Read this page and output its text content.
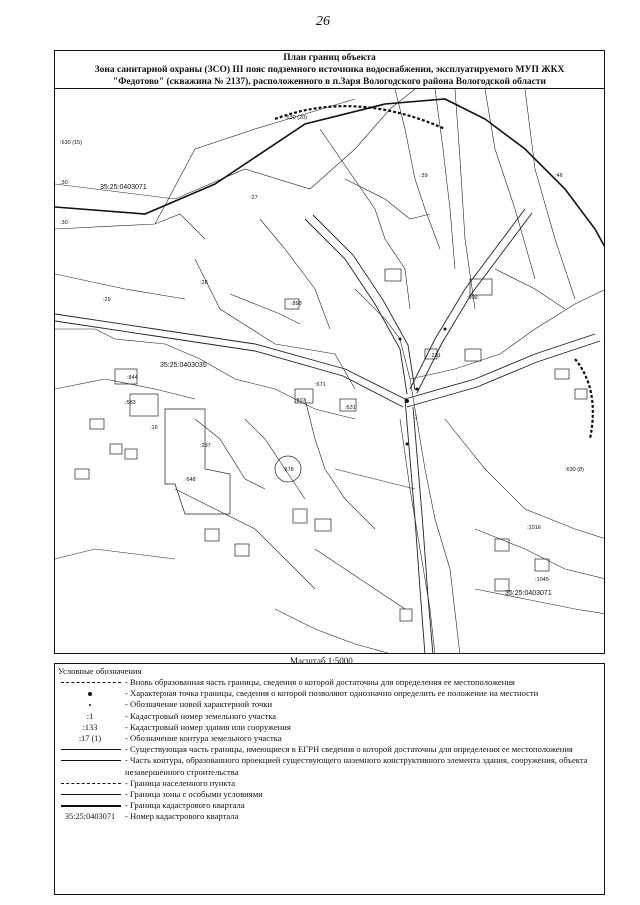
26
План границ объекта
Зона санитарной охраны (ЗСО) III пояс подземного источника водоснабжения, эксплуатируемого МУП ЖКХ
"Федотово" (скважина № 2137), расположенного в п.Заря Вологодского района Вологодской области
35:25:0403071
35:25:0403035
35:25:0403071
:630 (15)
:630 (20)
:30
:30
:29
:27
:28
:39	:46
:237
:16
:648
:678	:630 (8)
:1
:671
:807
:631
:909
:231
:1016
:1045
:844
:893
:583
Масштаб 1:5000
Условные обозначения
- Вновь образованная часть границы, сведения о которой достаточны для определения ее местоположения
- Характерная точка границы, сведения о которой позволяют однозначно определить ее положение на местности
- Обозначение новой характерной точки
:1	- Кадастровый номер земельного участка
:133	- Кадастровый номер здания или сооружения
:17 (1)	- Обозначение контура земельного участка
- Существующая часть границы, имеющиеся в ЕГРН сведения о которой достаточны для определения ее местоположения
- Часть контура, образованного проекцией существующего наземного конструктивного элемента здания, сооружения, объекта
незавершенного строительства
- Граница населенного пункта
- Граница зоны с особыми условиями
- Граница кадастрового квартала
35:25:0403071	- Номер кадастрового квартала
